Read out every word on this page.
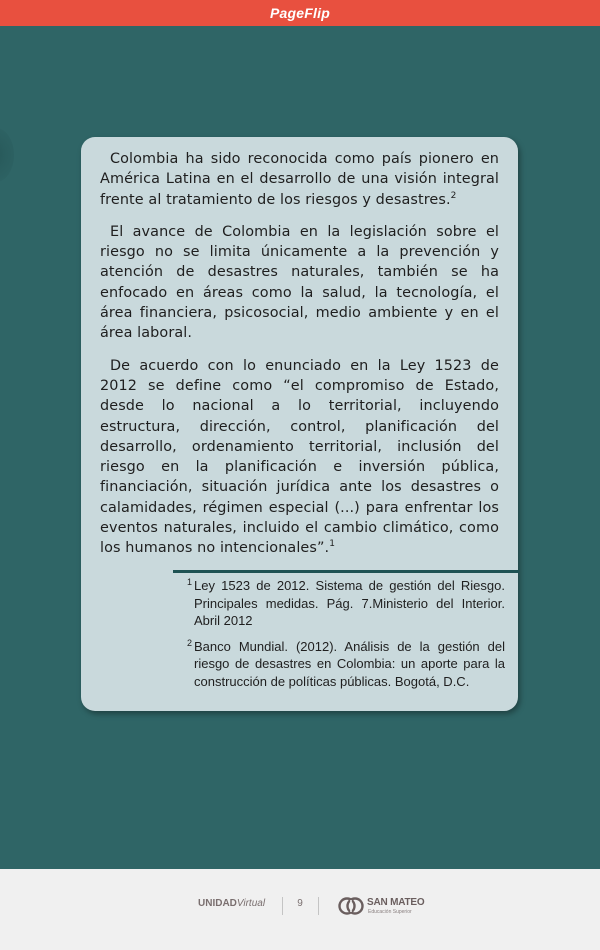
PageFlip

Colombia ha sido reconocida como país pionero en América Latina en el desarrollo de una visión integral frente al tratamiento de los riesgos y desastres.$^2$

El avance de Colombia en la legislación sobre el riesgo no se limita únicamente a la prevención y atención de desastres naturales, también se ha enfocado en áreas como la salud, la tecnología, el área financiera, psicosocial, medio ambiente y en el área laboral.

De acuerdo con lo enunciado en la Ley 1523 de 2012 se define como “el compromiso de Estado, desde lo nacional a lo territorial, incluyendo estructura, dirección, control, planificación del desarrollo, ordenamiento territorial, inclusión del riesgo en la planificación e inversión pública, financiación, situación jurídica ante los desastres o calamidades, régimen especial (...) para enfrentar los eventos naturales, incluido el cambio climático, como los humanos no intencionales”.$^1$

1 Ley 1523 de 2012. Sistema de gestión del Riesgo. Principales medidas. Pág. 7.Ministerio del Interior. Abril 2012
2 Banco Mundial. (2012). Análisis de la gestión del riesgo de desastres en Colombia: un aporte para la construcción de políticas públicas. Bogotá, D.C.
UNIDADVirtual	9	SAN MATEO
Educación Superior
